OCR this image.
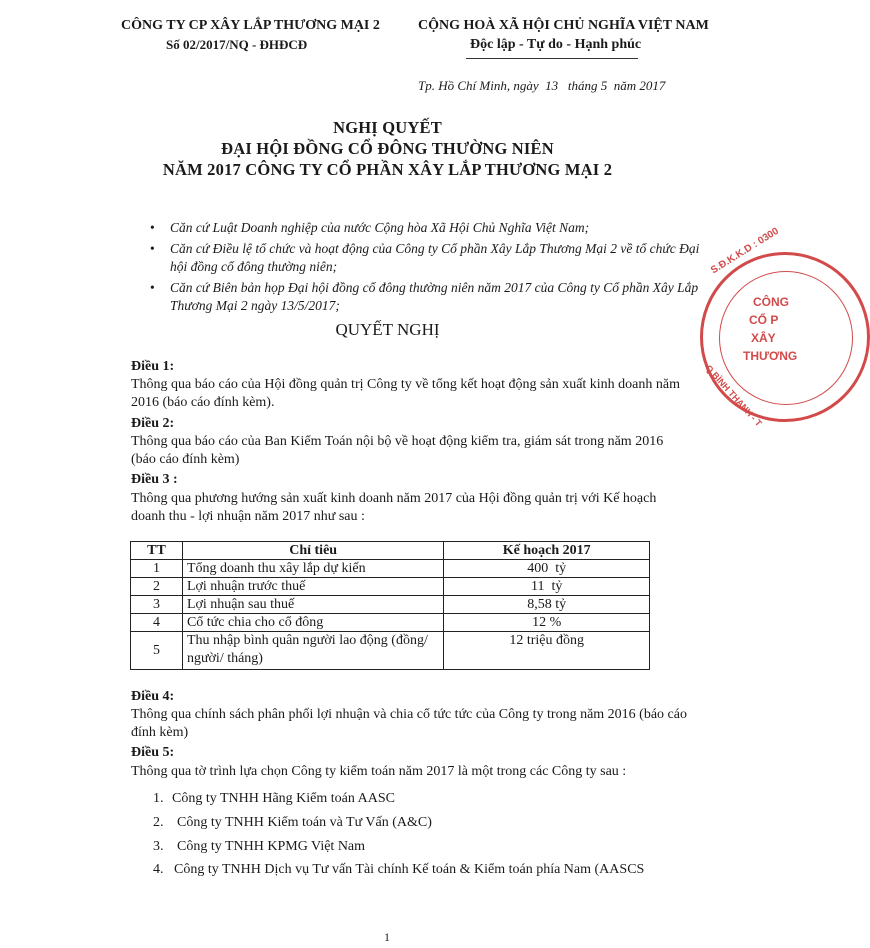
CÔNG TY CP XÂY LẮP THƯƠNG MẠI 2
Số 02/2017/NQ - ĐHĐCĐ
CỘNG HOÀ XÃ HỘI CHỦ NGHĨA VIỆT NAM
Độc lập - Tự do - Hạnh phúc
Tp. Hồ Chí Minh, ngày  13   tháng 5  năm 2017
NGHỊ QUYẾT
ĐẠI HỘI ĐỒNG CỔ ĐÔNG THƯỜNG NIÊN
NĂM 2017 CÔNG TY CỔ PHẦN XÂY LẮP THƯƠNG MẠI 2
• Căn cứ Luật Doanh nghiệp của nước Cộng hòa Xã Hội Chủ Nghĩa Việt Nam;
• Căn cứ Điều lệ tổ chức và hoạt động của Công ty Cổ phần Xây Lắp Thương Mại 2 về tổ chức Đại hội đồng cổ đông thường niên;
• Căn cứ Biên bản họp Đại hội đồng cổ đông thường niên năm 2017 của Công ty Cổ phần Xây Lắp Thương Mại 2 ngày 13/5/2017;
QUYẾT NGHỊ
Điều 1:
Thông qua báo cáo của Hội đồng quản trị Công ty về tổng kết hoạt động sản xuất kinh doanh năm 2016 (báo cáo đính kèm).
Điều 2:
Thông qua báo cáo của Ban Kiểm Toán nội bộ về hoạt động kiểm tra, giám sát trong năm 2016 (báo cáo đính kèm)
Điều 3 :
Thông qua phương hướng sản xuất kinh doanh năm 2017 của Hội đồng quản trị với Kế hoạch doanh thu - lợi nhuận năm 2017 như sau :
TT	Chỉ tiêu	Kế hoạch 2017
1	Tổng doanh thu xây lắp dự kiến	400  tỷ
2	Lợi nhuận trước thuế	11  tỷ
3	Lợi nhuận sau thuế	8,58 tỷ
4	Cổ tức chia cho cổ đông	12 %
5	Thu nhập bình quân người lao động (đồng/ người/ tháng)	12 triệu đồng
Điều 4:
Thông qua chính sách phân phối lợi nhuận và chia cổ tức tức của Công ty trong năm 2016 (báo cáo đính kèm)
Điều 5:
Thông qua tờ trình lựa chọn Công ty kiểm toán năm 2017 là một trong các Công ty sau :
1. Công ty TNHH Hãng Kiểm toán AASC
2. Công ty TNHH Kiểm toán và Tư Vấn (A&C)
3. Công ty TNHH KPMG Việt Nam
4. Công ty TNHH Dịch vụ Tư vấn Tài chính Kế toán & Kiểm toán phía Nam (AASCS
1
S.Đ.K.K.D : 0300
CÔNG
CỔ P
XÂY
THƯƠNG
Q.BÌNH THẠNH - T
